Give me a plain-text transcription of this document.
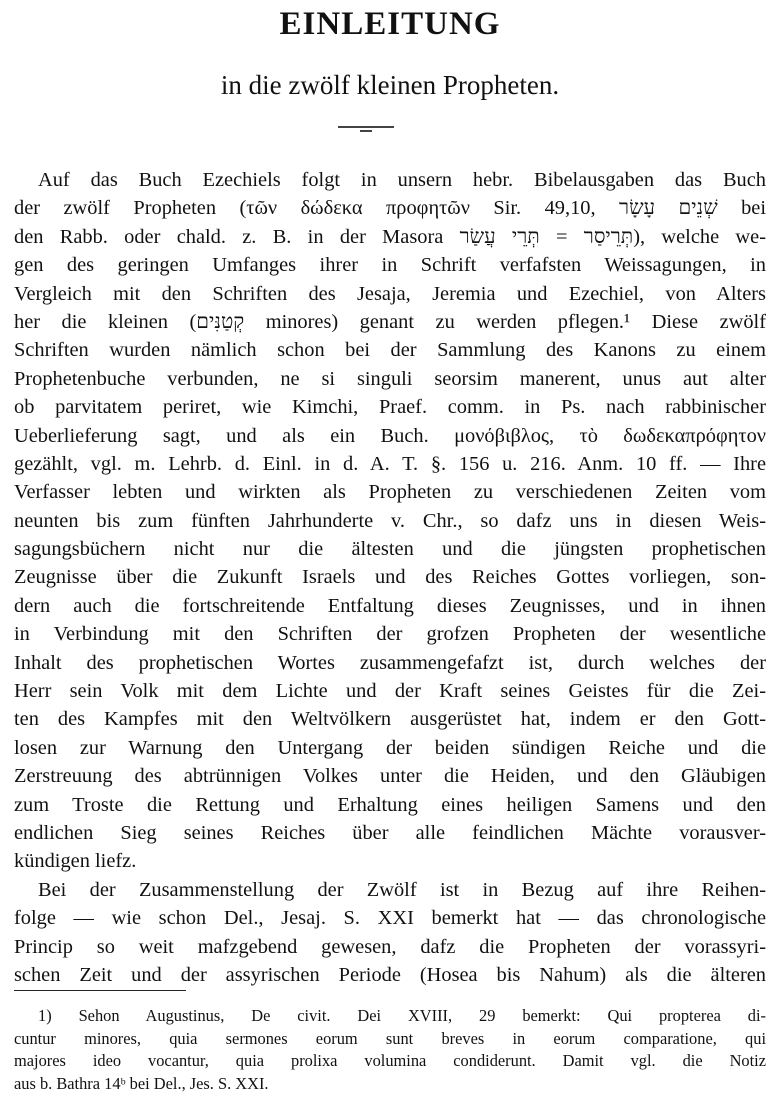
EINLEITUNG
in die zwölf kleinen Propheten.
Auf das Buch Ezechiels folgt in unsern hebr. Bibelausgaben das Buch
der zwölf Propheten (τῶν δώδεκα προφητῶν Sir. 49,10, שְׁנֵים עָשָׂר bei
den Rabb. oder chald. z. B. in der Masora תְּרֵיסַר = תְּרֵי עֲשַׂר), welche we-
gen des geringen Umfanges ihrer in Schrift verfafsten Weissagungen, in
Vergleich mit den Schriften des Jesaja, Jeremia und Ezechiel, von Alters
her die kleinen (קְטַנִּים minores) genant zu werden pflegen.¹ Diese zwölf
Schriften wurden nämlich schon bei der Sammlung des Kanons zu einem
Prophetenbuche verbunden, ne si singuli seorsim manerent, unus aut alter
ob parvitatem periret, wie Kimchi, Praef. comm. in Ps. nach rabbinischer
Ueberlieferung sagt, und als ein Buch. μονόβιβλος, τὸ δωδεκαπρόφητον
gezählt, vgl. m. Lehrb. d. Einl. in d. A. T. §. 156 u. 216. Anm. 10 ff. — Ihre
Verfasser lebten und wirkten als Propheten zu verschiedenen Zeiten vom
neunten bis zum fünften Jahrhunderte v. Chr., so dafz uns in diesen Weis-
sagungsbüchern nicht nur die ältesten und die jüngsten prophetischen
Zeugnisse über die Zukunft Israels und des Reiches Gottes vorliegen, son-
dern auch die fortschreitende Entfaltung dieses Zeugnisses, und in ihnen
in Verbindung mit den Schriften der grofzen Propheten der wesentliche
Inhalt des prophetischen Wortes zusammengefafzt ist, durch welches der
Herr sein Volk mit dem Lichte und der Kraft seines Geistes für die Zei-
ten des Kampfes mit den Weltvölkern ausgerüstet hat, indem er den Gott-
losen zur Warnung den Untergang der beiden sündigen Reiche und die
Zerstreuung des abtrünnigen Volkes unter die Heiden, und den Gläubigen
zum Troste die Rettung und Erhaltung eines heiligen Samens und den
endlichen Sieg seines Reiches über alle feindlichen Mächte vorausver-
kündigen liefz.
Bei der Zusammenstellung der Zwölf ist in Bezug auf ihre Reihen-
folge — wie schon Del., Jesaj. S. XXI bemerkt hat — das chronologische
Princip so weit mafzgebend gewesen, dafz die Propheten der vorassyri-
schen Zeit und der assyrischen Periode (Hosea bis Nahum) als die älteren
1) Sehon Augustinus, De civit. Dei XVIII, 29 bemerkt: Qui propterea di-
cuntur minores, quia sermones eorum sunt breves in eorum comparatione, qui
majores ideo vocantur, quia prolixa volumina condiderunt. Damit vgl. die Notiz
aus b. Bathra 14ᵇ bei Del., Jes. S. XXI.
